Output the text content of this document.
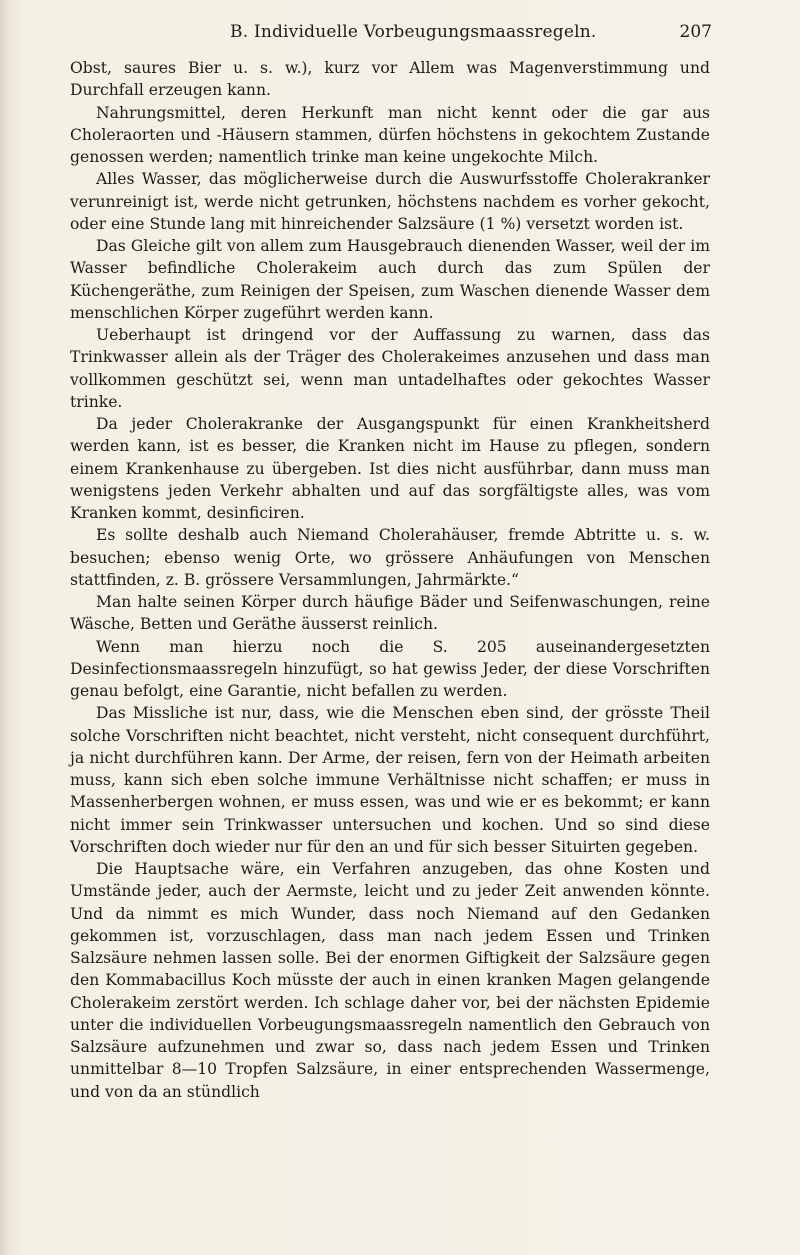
B. Individuelle Vorbeugungsmaassregeln.	207

Obst, saures Bier u. s. w.), kurz vor Allem was Magenverstimmung und Durchfall erzeugen kann.

Nahrungsmittel, deren Herkunft man nicht kennt oder die gar aus Choleraorten und -Häusern stammen, dürfen höchstens in gekochtem Zustande genossen werden; namentlich trinke man keine ungekochte Milch.

Alles Wasser, das möglicherweise durch die Auswurfsstoffe Cholerakranker verunreinigt ist, werde nicht getrunken, höchstens nachdem es vorher gekocht, oder eine Stunde lang mit hinreichender Salzsäure (1 %) versetzt worden ist.

Das Gleiche gilt von allem zum Hausgebrauch dienenden Wasser, weil der im Wasser befindliche Cholerakeim auch durch das zum Spülen der Küchengeräthe, zum Reinigen der Speisen, zum Waschen dienende Wasser dem menschlichen Körper zugeführt werden kann.

Ueberhaupt ist dringend vor der Auffassung zu warnen, dass das Trinkwasser allein als der Träger des Cholerakeimes anzusehen und dass man vollkommen geschützt sei, wenn man untadelhaftes oder gekochtes Wasser trinke.

Da jeder Cholerakranke der Ausgangspunkt für einen Krankheitsherd werden kann, ist es besser, die Kranken nicht im Hause zu pflegen, sondern einem Krankenhause zu übergeben. Ist dies nicht ausführbar, dann muss man wenigstens jeden Verkehr abhalten und auf das sorgfältigste alles, was vom Kranken kommt, desinficiren.

Es sollte deshalb auch Niemand Cholerahäuser, fremde Abtritte u. s. w. besuchen; ebenso wenig Orte, wo grössere Anhäufungen von Menschen stattfinden, z. B. grössere Versammlungen, Jahrmärkte.“

Man halte seinen Körper durch häufige Bäder und Seifenwaschungen, reine Wäsche, Betten und Geräthe äusserst reinlich.

Wenn man hierzu noch die S. 205 auseinandergesetzten Desinfectionsmaassregeln hinzufügt, so hat gewiss Jeder, der diese Vorschriften genau befolgt, eine Garantie, nicht befallen zu werden.

Das Missliche ist nur, dass, wie die Menschen eben sind, der grösste Theil solche Vorschriften nicht beachtet, nicht versteht, nicht consequent durchführt, ja nicht durchführen kann. Der Arme, der reisen, fern von der Heimath arbeiten muss, kann sich eben solche immune Verhältnisse nicht schaffen; er muss in Massenherbergen wohnen, er muss essen, was und wie er es bekommt; er kann nicht immer sein Trinkwasser untersuchen und kochen. Und so sind diese Vorschriften doch wieder nur für den an und für sich besser Situirten gegeben.

Die Hauptsache wäre, ein Verfahren anzugeben, das ohne Kosten und Umstände jeder, auch der Aermste, leicht und zu jeder Zeit anwenden könnte. Und da nimmt es mich Wunder, dass noch Niemand auf den Gedanken gekommen ist, vorzuschlagen, dass man nach jedem Essen und Trinken Salzsäure nehmen lassen solle. Bei der enormen Giftigkeit der Salzsäure gegen den Kommabacillus Koch müsste der auch in einen kranken Magen gelangende Cholerakeim zerstört werden. Ich schlage daher vor, bei der nächsten Epidemie unter die individuellen Vorbeugungsmaassregeln namentlich den Gebrauch von Salzsäure aufzunehmen und zwar so, dass nach jedem Essen und Trinken unmittelbar 8—10 Tropfen Salzsäure, in einer entsprechenden Wassermenge, und von da an stündlich
